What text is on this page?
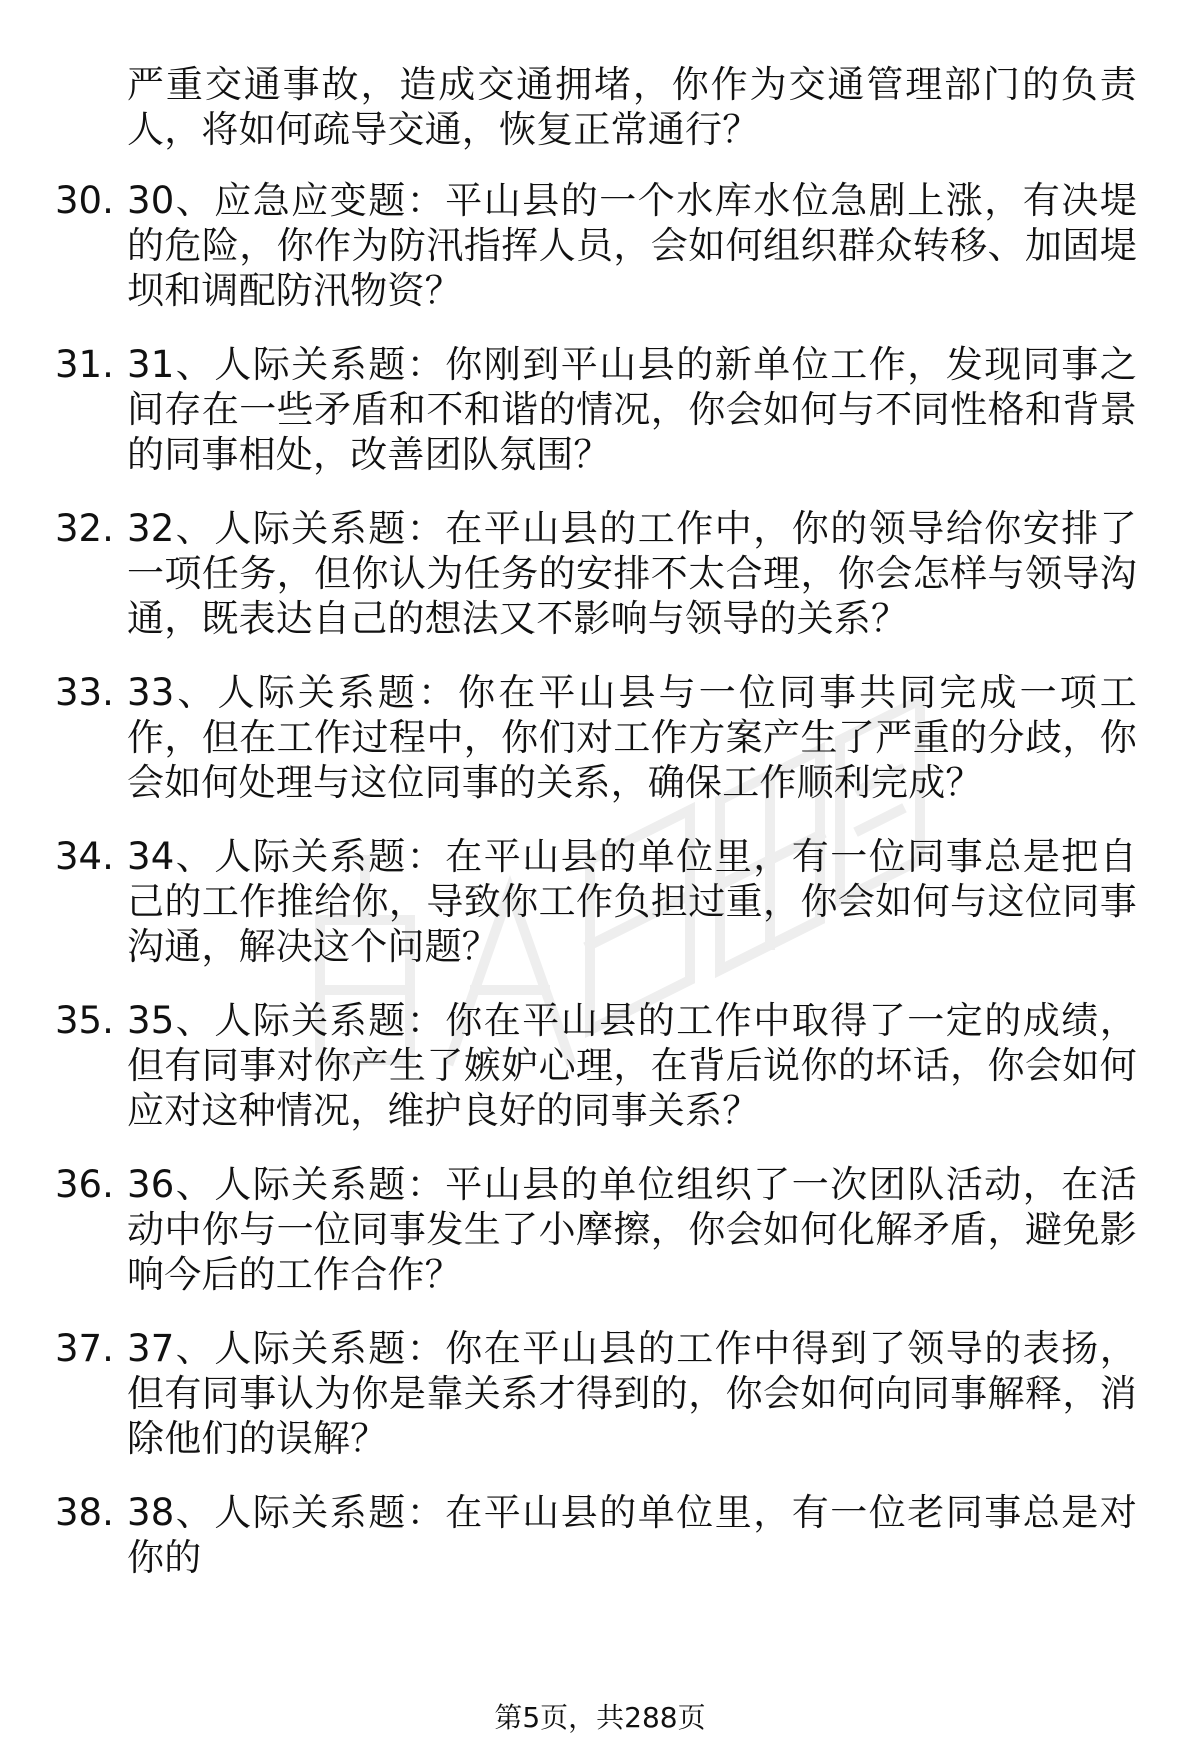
严重交通事故，造成交通拥堵，你作为交通管理部门的负责人，将如何疏导交通，恢复正常通行？
30. 30、应急应变题：平山县的一个水库水位急剧上涨，有决堤的危险，你作为防汛指挥人员，会如何组织群众转移、加固堤坝和调配防汛物资？
31. 31、人际关系题：你刚到平山县的新单位工作，发现同事之间存在一些矛盾和不和谐的情况，你会如何与不同性格和背景的同事相处，改善团队氛围？
32. 32、人际关系题：在平山县的工作中，你的领导给你安排了一项任务，但你认为任务的安排不太合理，你会怎样与领导沟通，既表达自己的想法又不影响与领导的关系？
33. 33、人际关系题：你在平山县与一位同事共同完成一项工作，但在工作过程中，你们对工作方案产生了严重的分歧，你会如何处理与这位同事的关系，确保工作顺利完成？
34. 34、人际关系题：在平山县的单位里，有一位同事总是把自己的工作推给你，导致你工作负担过重，你会如何与这位同事沟通，解决这个问题？
35. 35、人际关系题：你在平山县的工作中取得了一定的成绩，但有同事对你产生了嫉妒心理，在背后说你的坏话，你会如何应对这种情况，维护良好的同事关系？
36. 36、人际关系题：平山县的单位组织了一次团队活动，在活动中你与一位同事发生了小摩擦，你会如何化解矛盾，避免影响今后的工作合作？
37. 37、人际关系题：你在平山县的工作中得到了领导的表扬，但有同事认为你是靠关系才得到的，你会如何向同事解释，消除他们的误解？
38. 38、人际关系题：在平山县的单位里，有一位老同事总是对你的
第5页，共288页
